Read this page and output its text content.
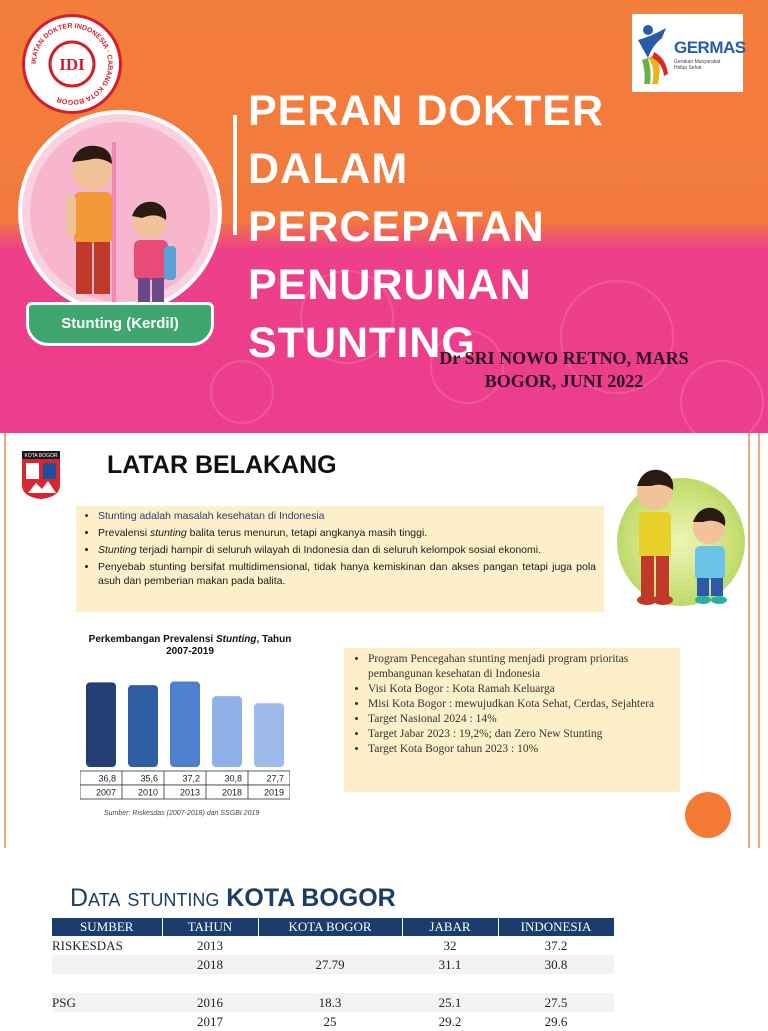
IKATAN DOKTER INDONESIA · CABANG KOTA BOGOR
IDI
GERMAS
Gerakan Masyarakat Hidup Sehat
Stunting (Kerdil)
PERAN DOKTER
DALAM
PERCEPATAN
PENURUNAN
STUNTING
Dr SRI NOWO RETNO, MARS
BOGOR, JUNI 2022
KOTA BOGOR LATAR BELAKANG
• Stunting adalah masalah kesehatan di Indonesia
• Prevalensi stunting balita terus menurun, tetapi angkanya masih tinggi.
• Stunting terjadi hampir di seluruh wilayah di Indonesia dan di seluruh kelompok sosial ekonomi.
• Penyebab stunting bersifat multidimensional, tidak hanya kemiskinan dan akses pangan tetapi juga pola asuh dan pemberian makan pada balita.
Perkembangan Prevalensi Stunting, Tahun 2007-2019
36,8
2007
35,6
2010
37,2
2013
30,8
2018
27,7
2019
Sumber: Riskesdas (2007-2018) dan SSGBI 2019
• Program Pencegahan stunting menjadi program prioritas pembangunan kesehatan di Indonesia
• Visi Kota Bogor : Kota Ramah Keluarga
• Misi Kota Bogor : mewujudkan Kota Sehat, Cerdas, Sejahtera
• Target Nasional 2024 : 14%
• Target Jabar 2023 : 19,2%; dan Zero New Stunting
• Target Kota Bogor tahun 2023 : 10%
Data stunting KOTA BOGOR
SUMBER	TAHUN	KOTA BOGOR	JABAR	INDONESIA
RISKESDAS	2013		32	37.2
	2018	27.79	31.1	30.8

PSG	2016	18.3	25.1	27.5
	2017	25	29.2	29.6
